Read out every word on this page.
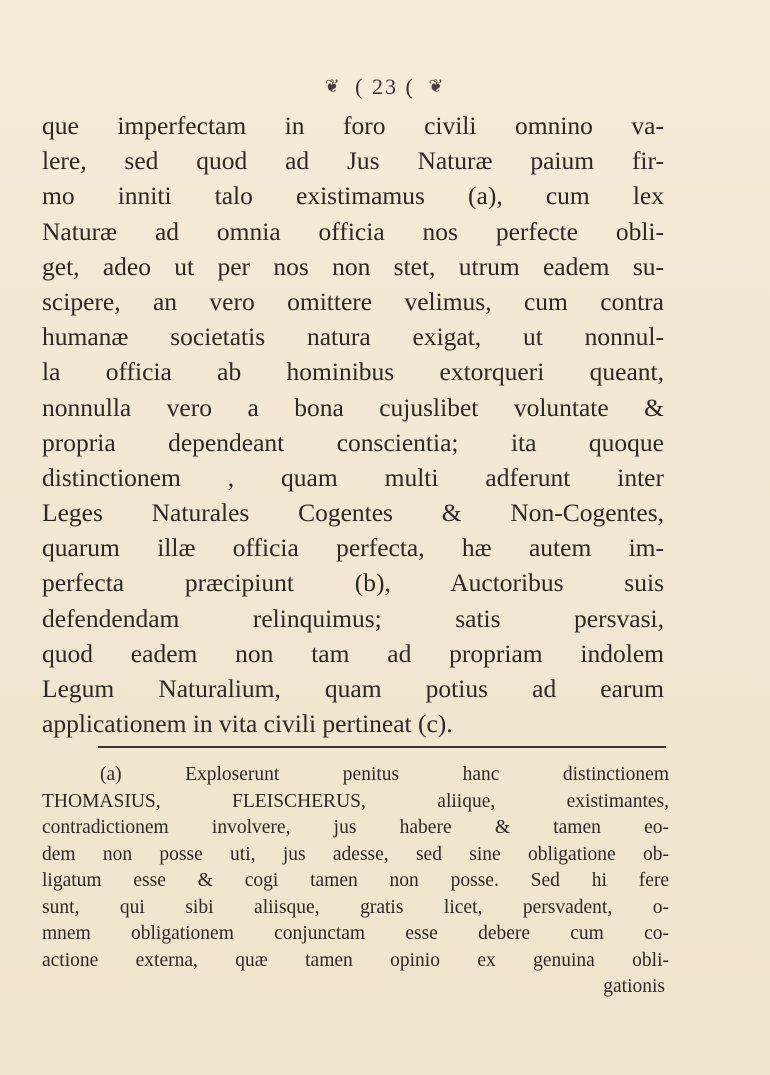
❦ ( 23 ( ❦
que imperfectam in foro civili omnino va-
lere, sed quod ad Jus Naturæ paium fir-
mo inniti talo existimamus (a), cum lex
Naturæ ad omnia officia nos perfecte obli-
get, adeo ut per nos non stet, utrum eadem su-
scipere, an vero omittere velimus, cum contra
humanæ societatis natura exigat, ut nonnul-
la officia ab hominibus extorqueri queant,
nonnulla vero a bona cujuslibet voluntate &
propria dependeant conscientia; ita quoque
distinctionem , quam multi adferunt inter
Leges Naturales Cogentes & Non-Cogentes,
quarum illæ officia perfecta, hæ autem im-
perfecta præcipiunt (b), Auctoribus suis
defendendam relinquimus; satis persvasi,
quod eadem non tam ad propriam indolem
Legum Naturalium, quam potius ad earum
applicationem in vita civili pertineat (c).
(a) Exploserunt penitus hanc distinctionem
THOMASIUS, FLEISCHERUS, aliique, existimantes,
contradictionem involvere, jus habere & tamen eo-
dem non posse uti, jus adesse, sed sine obligatione ob-
ligatum esse & cogi tamen non posse. Sed hi fere
sunt, qui sibi aliisque, gratis licet, persvadent, o-
mnem obligationem conjunctam esse debere cum co-
actione externa, quæ tamen opinio ex genuina obli-
gationis
